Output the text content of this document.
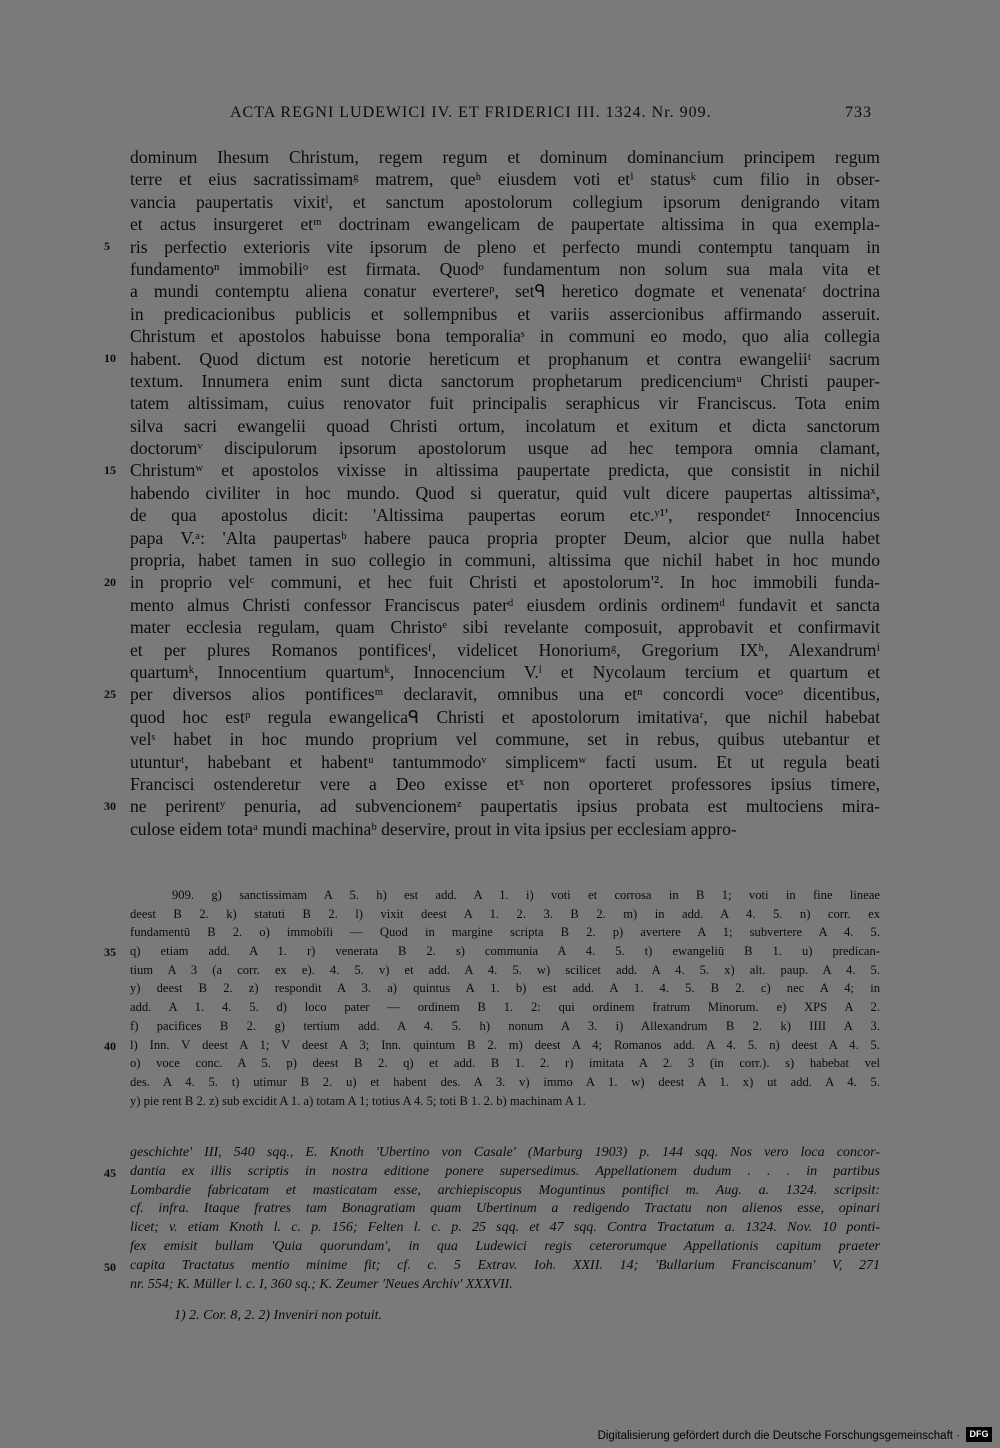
ACTA REGNI LUDEWICI IV. ET FRIDERICI III. 1324. Nr. 909.	733
dominum Ihesum Christum, regem regum et dominum dominancium principem regum
terre et eius sacratissimamᵍ matrem, queʰ eiusdem voti etⁱ statusᵏ cum filio in obser-
vancia paupertatis vixitˡ, et sanctum apostolorum collegium ipsorum denigrando vitam
et actus insurgeret etᵐ doctrinam ewangelicam de paupertate altissima in qua exempla-
ris perfectio exterioris vite ipsorum de pleno et perfecto mundi contemptu tanquam in
fundamentoⁿ immobiliᵒ est firmata. Quodᵒ fundamentum non solum sua mala vita et
a mundi contemptu aliena conatur evertereᵖ, setᑫ heretico dogmate et venenataʳ doctrina
in predicacionibus publicis et sollempnibus et variis assercionibus affirmando asseruit.
Christum et apostolos habuisse bona temporaliaˢ in communi eo modo, quo alia collegia
habent. Quod dictum est notorie hereticum et prophanum et contra ewangeliiᵗ sacrum
textum. Innumera enim sunt dicta sanctorum prophetarum predicenciumᵘ Christi pauper-
tatem altissimam, cuius renovator fuit principalis seraphicus vir Franciscus. Tota enim
silva sacri ewangelii quoad Christi ortum, incolatum et exitum et dicta sanctorum
doctorumᵛ discipulorum ipsorum apostolorum usque ad hec tempora omnia clamant,
Christumʷ et apostolos vixisse in altissima paupertate predicta, que consistit in nichil
habendo civiliter in hoc mundo. Quod si queratur, quid vult dicere paupertas altissimaˣ,
de qua apostolus dicit: 'Altissima paupertas eorum etc.ʸ¹', respondetᶻ Innocencius
papa V.ᵃ: 'Alta paupertasᵇ habere pauca propria propter Deum, alcior que nulla habet
propria, habet tamen in suo collegio in communi, altissima que nichil habet in hoc mundo
in proprio velᶜ communi, et hec fuit Christi et apostolorum'². In hoc immobili funda-
mento almus Christi confessor Franciscus paterᵈ eiusdem ordinis ordinemᵈ fundavit et sancta
mater ecclesia regulam, quam Christoᵉ sibi revelante composuit, approbavit et confirmavit
et per plures Romanos pontificesᶠ, videlicet Honoriumᵍ, Gregorium IXʰ, Alexandrumⁱ
quartumᵏ, Innocentium quartumᵏ, Innocencium V.ˡ et Nycolaum tercium et quartum et
per diversos alios pontificesᵐ declaravit, omnibus unа etⁿ concordi voceᵒ dicentibus,
quod hoc estᵖ regula ewangelicaᑫ Christi et apostolorum imitativaʳ, que nichil habebat
velˢ habet in hoc mundo proprium vel commune, set in rebus, quibus utebantur et
utunturᵗ, habebant et habentᵘ tantummodoᵛ simplicemʷ facti usum. Et ut regula beati
Francisci ostenderetur vere a Deo exisse etˣ non oporteret professores ipsius timere,
ne perirentʸ penuria, ad subvencionemᶻ paupertatis ipsius probata est multociens mira-
culose eidem totaᵃ mundi machinaᵇ deservire, prout in vita ipsius per ecclesiam appro-
5
10
15
20
25
30
909. g) sanctissimam A 5. h) est add. A 1. i) voti et corrosa in B 1; voti in fine lineae
deest B 2. k) statuti B 2. l) vixit deest A 1. 2. 3. B 2. m) in add. A 4. 5. n) corr. ex
fundamentū B 2. o) immobili — Quod in margine scripta B 2. p) avertere A 1; subvertere A 4. 5.
q) etiam add. A 1. r) venerata B 2. s) communia A 4. 5. t) ewangeliū B 1. u) predican-
tium A 3 (a corr. ex e). 4. 5. v) et add. A 4. 5. w) scilicet add. A 4. 5. x) alt. paup. A 4. 5.
y) deest B 2. z) respondit A 3. a) quintus A 1. b) est add. A 1. 4. 5. B 2. c) nec A 4; in
add. A 1. 4. 5. d) loco pater — ordinem B 1. 2: qui ordinem fratrum Minorum. e) XPS A 2.
f) pacifices B 2. g) tertium add. A 4. 5. h) nonum A 3. i) Allexandrum B 2. k) IIII A 3.
l) Inn. V deest A 1; V deest A 3; Inn. quintum B 2. m) deest A 4; Romanos add. A 4. 5. n) deest A 4. 5.
o) voce conc. A 5. p) deest B 2. q) et add. B 1. 2. r) imitata A 2. 3 (in corr.). s) habebat vel
des. A 4. 5. t) utimur B 2. u) et habent des. A 3. v) immo A 1. w) deest A 1. x) ut add. A 4. 5.
y) pie rent B 2. z) sub excidit A 1. a) totam A 1; totius A 4. 5; toti B 1. 2. b) machinam A 1.
35
40
geschichte' III, 540 sqq., E. Knoth 'Ubertino von Casale' (Marburg 1903) p. 144 sqq. Nos vero loca concor-
dantia ex illis scriptis in nostra editione ponere supersedimus. Appellationem dudum . . . in partibus
Lombardie fabricatam et masticatam esse, archiepiscopus Moguntinus pontifici m. Aug. a. 1324. scripsit:
cf. infra. Itaque fratres tam Bonagratiam quam Ubertinum a redigendo Tractatu non alienos esse, opinari
licet; v. etiam Knoth l. c. p. 156; Felten l. c. p. 25 sqq. et 47 sqq. Contra Tractatum a. 1324. Nov. 10 ponti-
fex emisit bullam 'Quia quorundam', in qua Ludewici regis ceterorumque Appellationis capitum praeter
capita Tractatus mentio minime fit; cf. c. 5 Extrav. Ioh. XXII. 14; 'Bullarium Franciscanum' V, 271
nr. 554; K. Müller l. c. I, 360 sq.; K. Zeumer 'Neues Archiv' XXXVII.
45
50
1) 2. Cor. 8, 2. 2) Inveniri non potuit.
Digitalisierung gefördert durch die Deutsche Forschungsgemeinschaft ·	DFG
